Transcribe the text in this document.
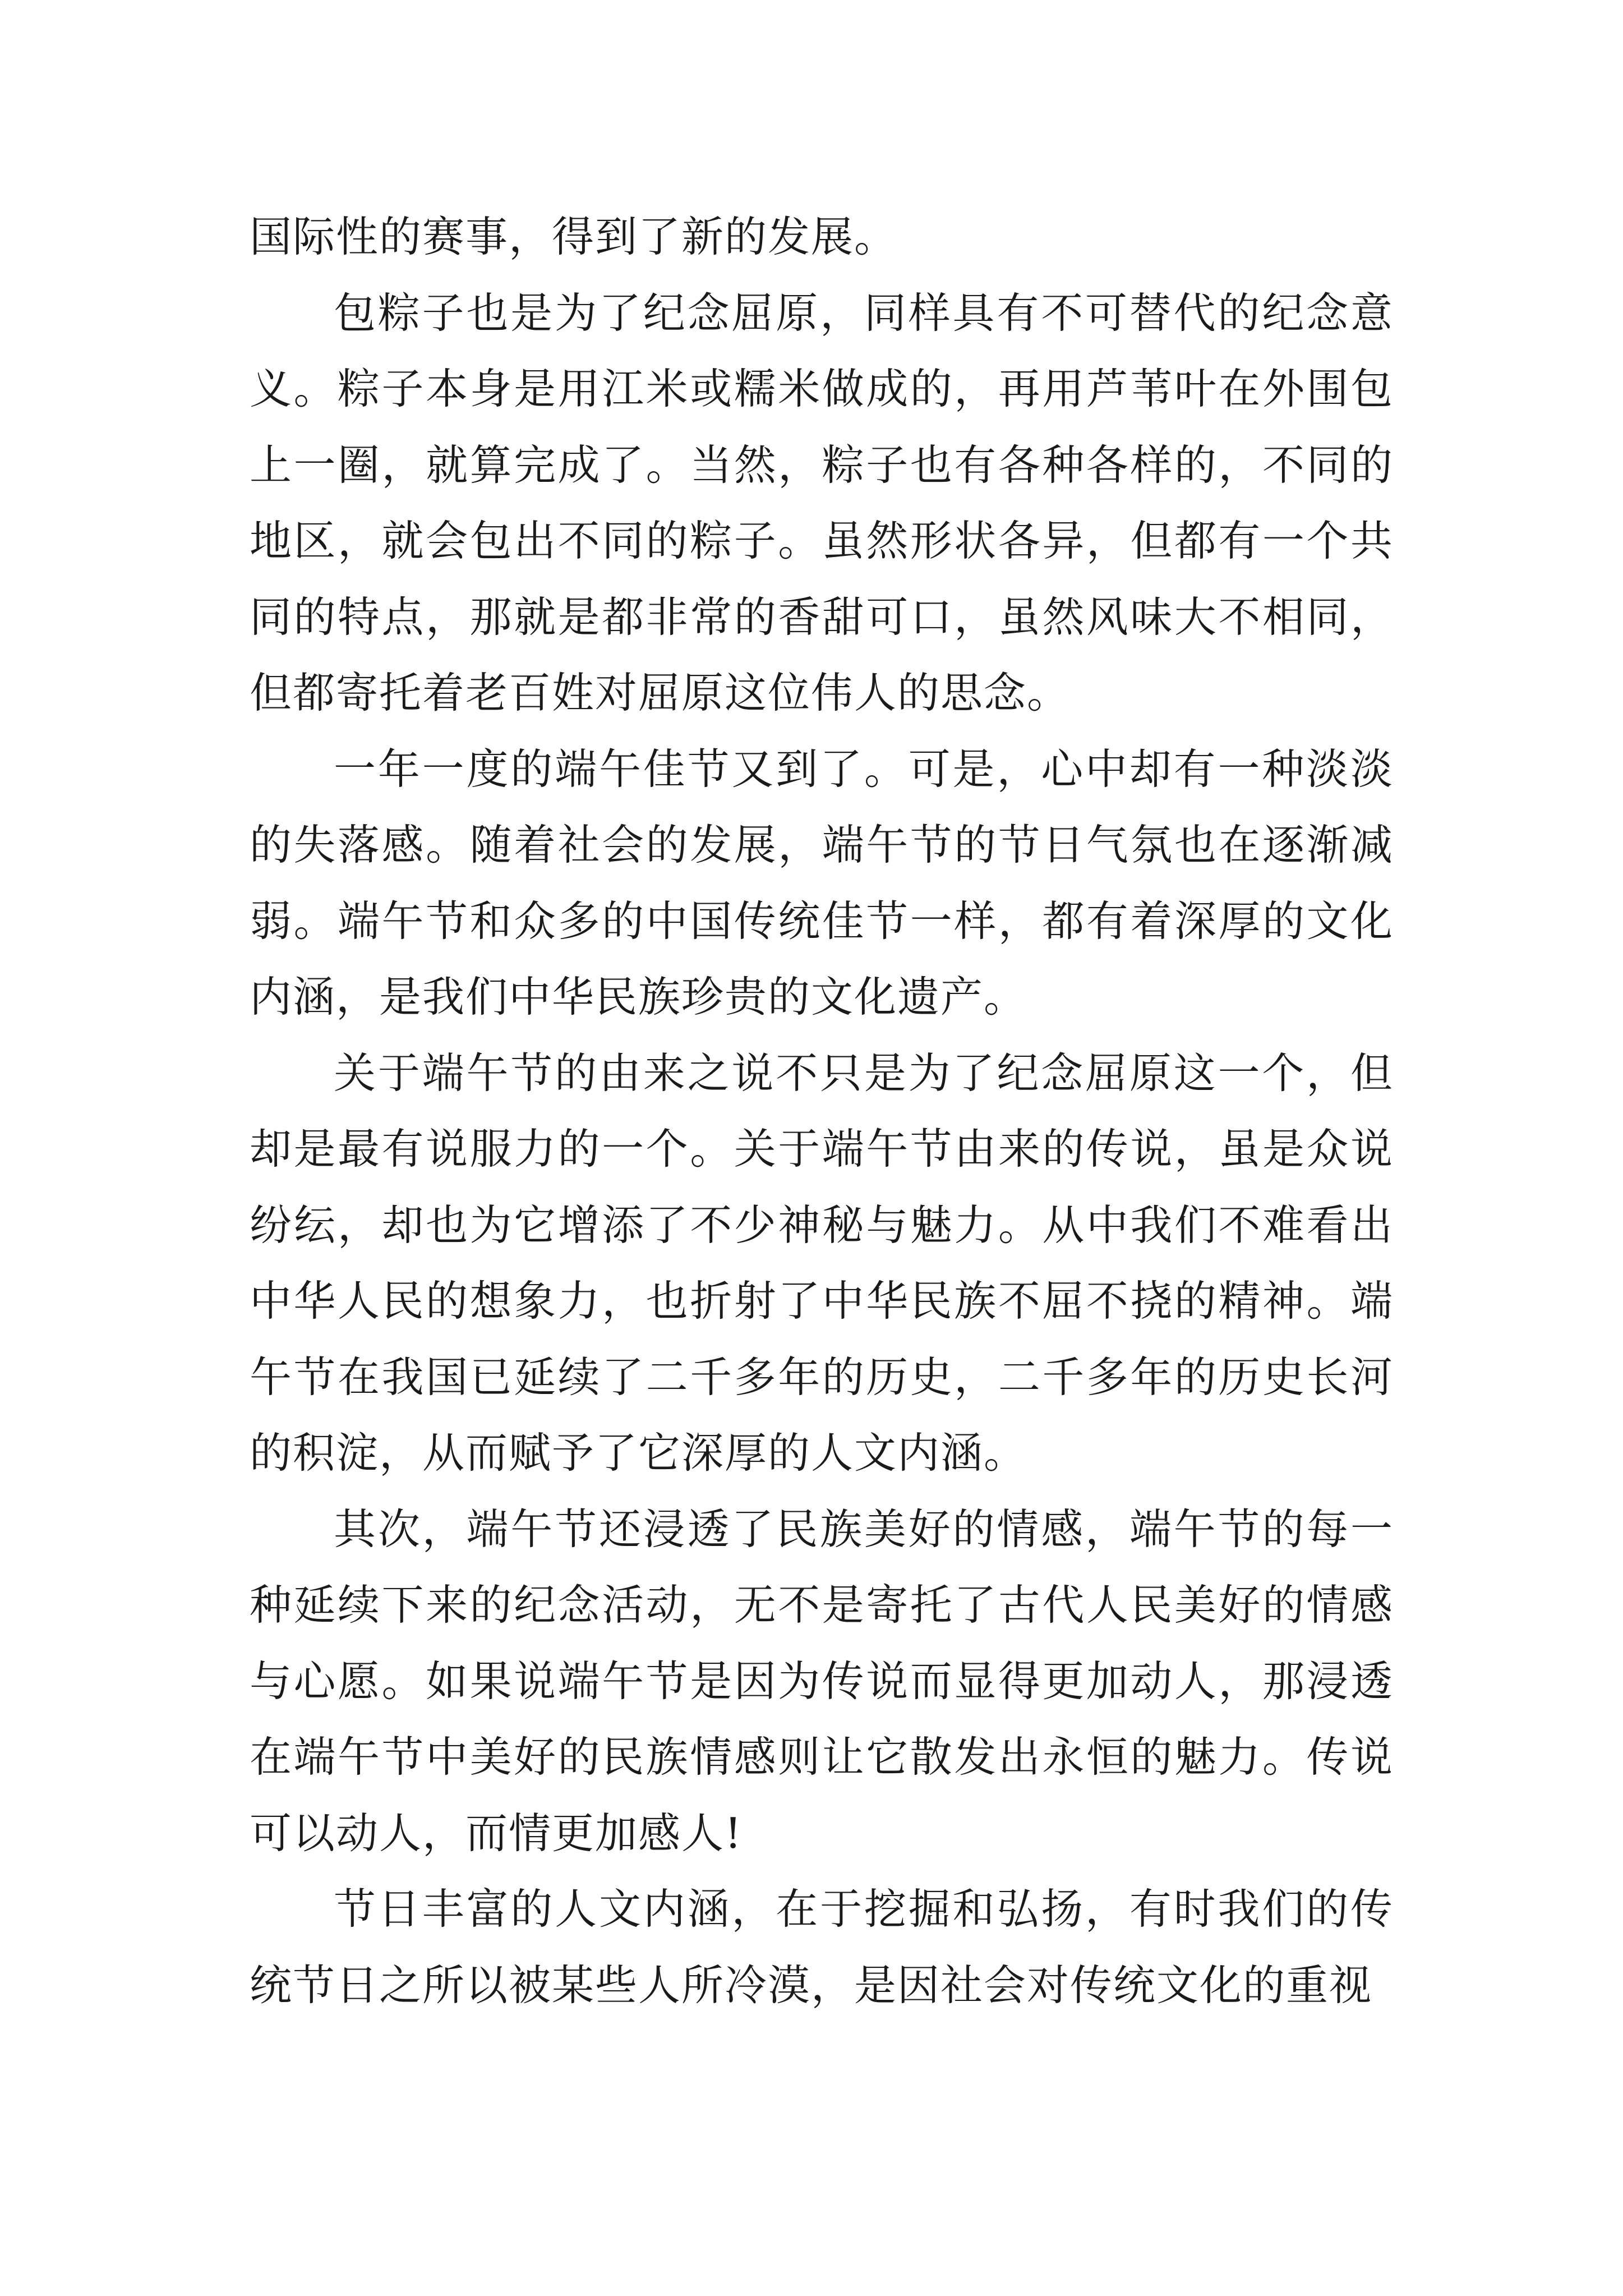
国际性的赛事，得到了新的发展。

包粽子也是为了纪念屈原，同样具有不可替代的纪念意义。粽子本身是用江米或糯米做成的，再用芦苇叶在外围包上一圈，就算完成了。当然，粽子也有各种各样的，不同的地区，就会包出不同的粽子。虽然形状各异，但都有一个共同的特点，那就是都非常的香甜可口，虽然风味大不相同，但都寄托着老百姓对屈原这位伟人的思念。

一年一度的端午佳节又到了。可是，心中却有一种淡淡的失落感。随着社会的发展，端午节的节日气氛也在逐渐减弱。端午节和众多的中国传统佳节一样，都有着深厚的文化内涵，是我们中华民族珍贵的文化遗产。

关于端午节的由来之说不只是为了纪念屈原这一个，但却是最有说服力的一个。关于端午节由来的传说，虽是众说纷纭，却也为它增添了不少神秘与魅力。从中我们不难看出中华人民的想象力，也折射了中华民族不屈不挠的精神。端午节在我国已延续了二千多年的历史，二千多年的历史长河的积淀，从而赋予了它深厚的人文内涵。

其次，端午节还浸透了民族美好的情感，端午节的每一种延续下来的纪念活动，无不是寄托了古代人民美好的情感与心愿。如果说端午节是因为传说而显得更加动人，那浸透在端午节中美好的民族情感则让它散发出永恒的魅力。传说可以动人，而情更加感人!

节日丰富的人文内涵，在于挖掘和弘扬，有时我们的传统节日之所以被某些人所冷漠，是因社会对传统文化的重视
